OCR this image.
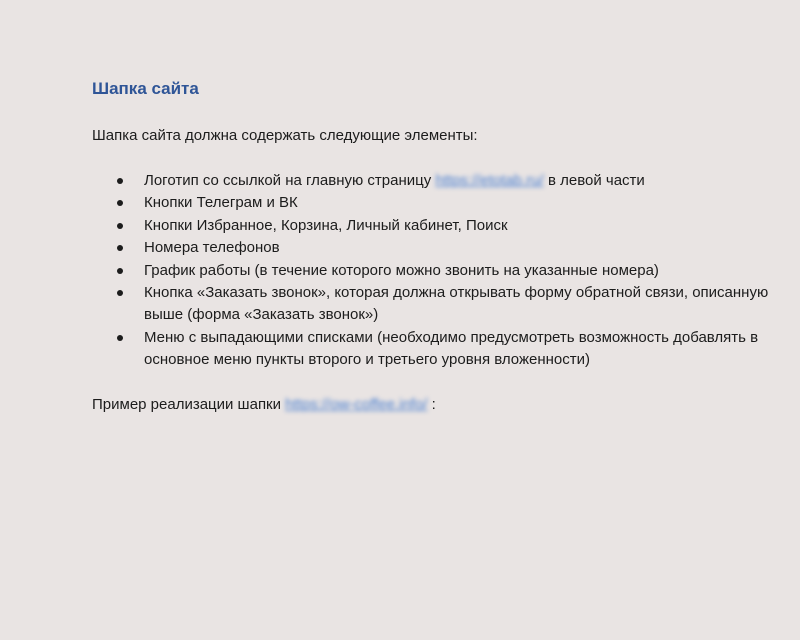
Шапка сайта

Шапка сайта должна содержать следующие элементы:

Логотип со ссылкой на главную страницу https://etotab.ru/ в левой части
Кнопки Телеграм и ВК
Кнопки Избранное, Корзина, Личный кабинет, Поиск
Номера телефонов
График работы (в течение которого можно звонить на указанные номера)
Кнопка «Заказать звонок», которая должна открывать форму обратной связи, описанную выше (форма «Заказать звонок»)
Меню с выпадающими списками (необходимо предусмотреть возможность добавлять в основное меню пункты второго и третьего уровня вложенности)

Пример реализации шапки https://ow-coffee.info/ :
